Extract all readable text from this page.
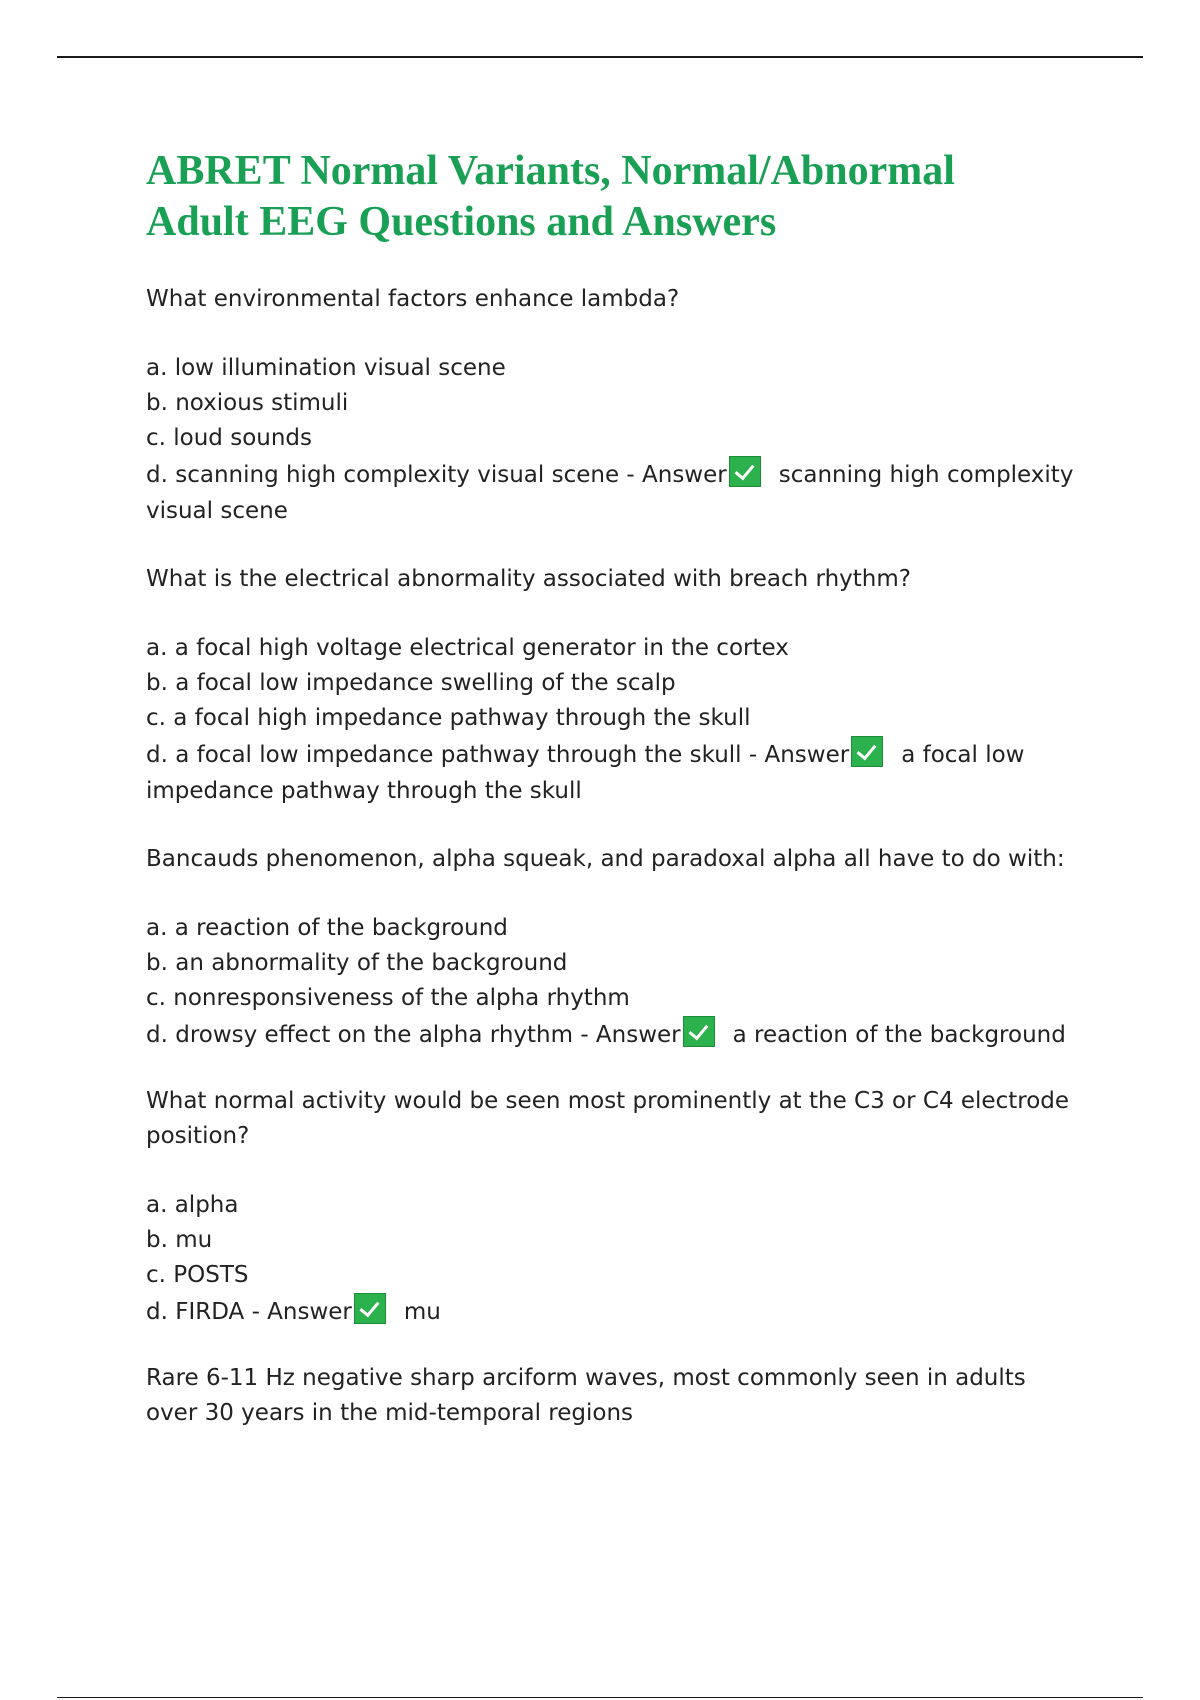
ABRET Normal Variants, Normal/Abnormal
Adult EEG Questions and Answers

What environmental factors enhance lambda?

a. low illumination visual scene
b. noxious stimuli
c. loud sounds
d. scanning high complexity visual scene - Answer scanning high complexity visual scene

What is the electrical abnormality associated with breach rhythm?

a. a focal high voltage electrical generator in the cortex
b. a focal low impedance swelling of the scalp
c. a focal high impedance pathway through the skull
d. a focal low impedance pathway through the skull - Answer a focal low impedance pathway through the skull

Bancauds phenomenon, alpha squeak, and paradoxal alpha all have to do with:

a. a reaction of the background
b. an abnormality of the background
c. nonresponsiveness of the alpha rhythm
d. drowsy effect on the alpha rhythm - Answer a reaction of the background

What normal activity would be seen most prominently at the C3 or C4 electrode position?

a. alpha
b. mu
c. POSTS
d. FIRDA - Answer mu

Rare 6-11 Hz negative sharp arciform waves, most commonly seen in adults over 30 years in the mid-temporal regions
